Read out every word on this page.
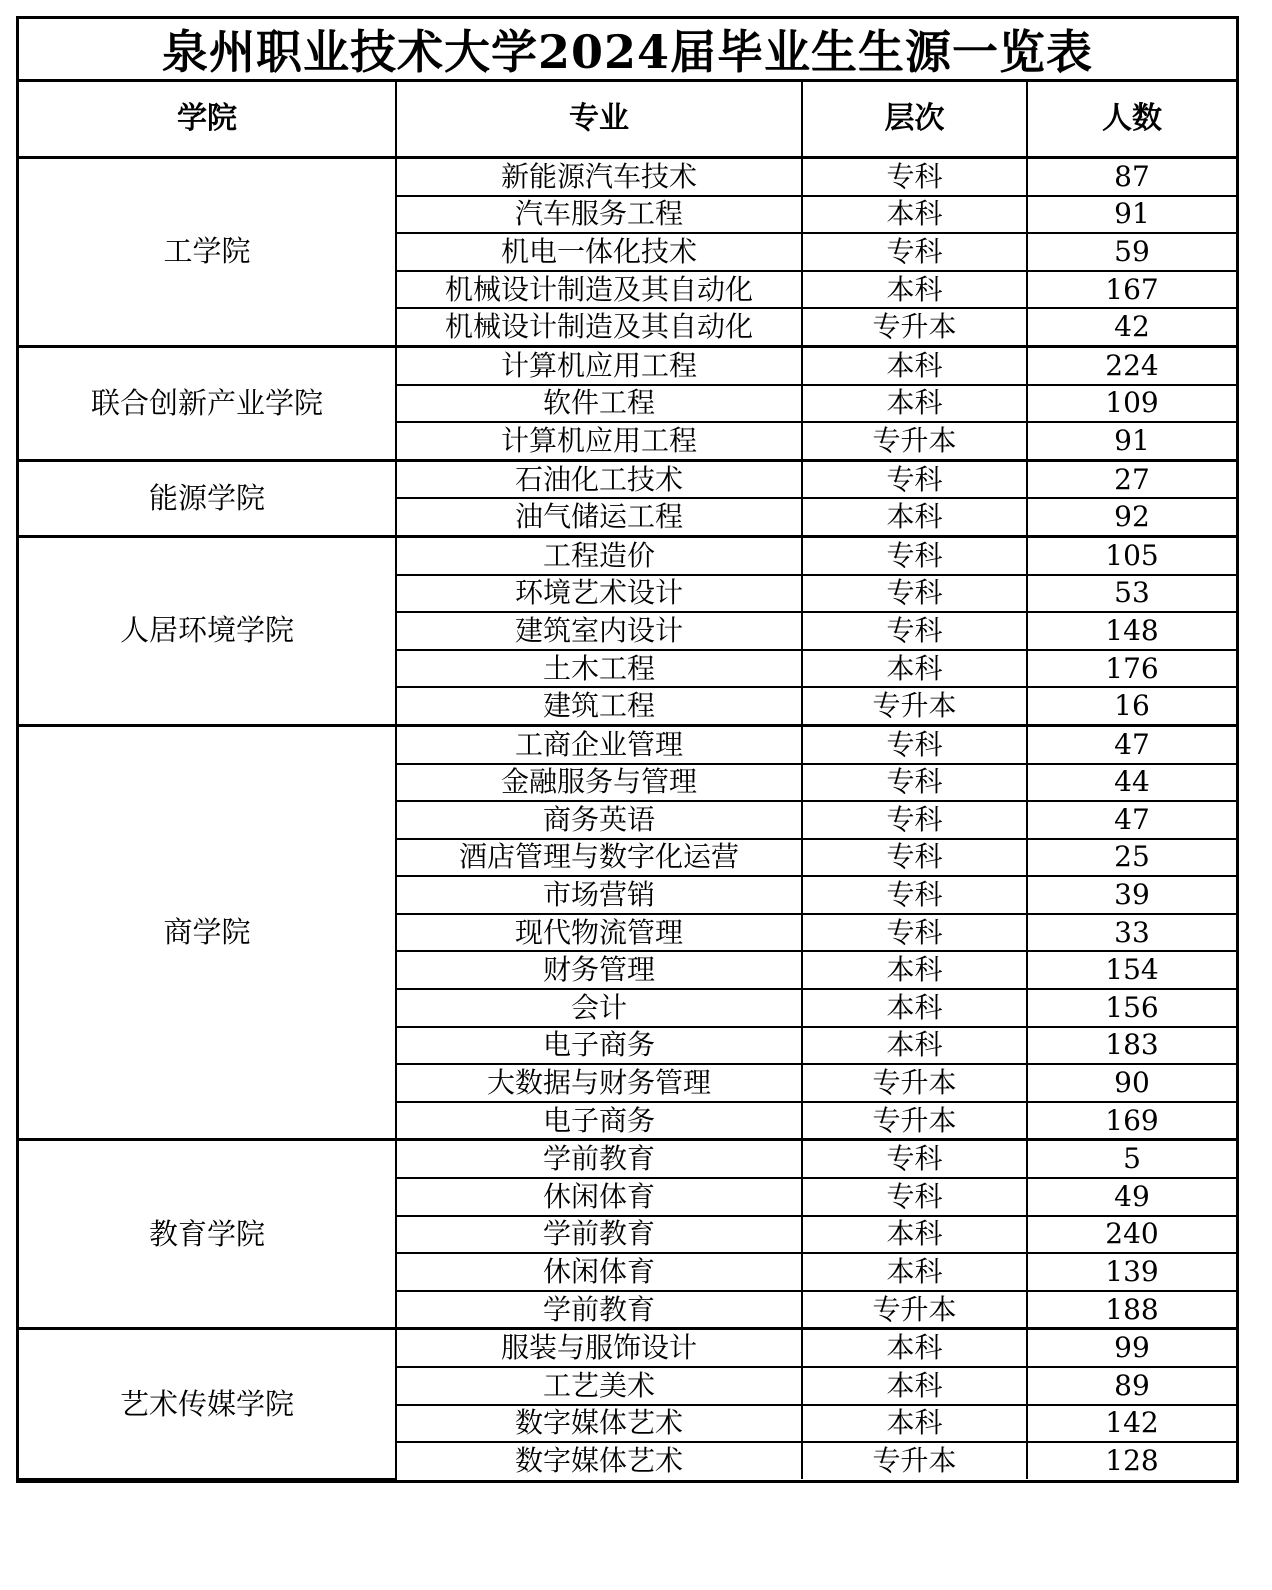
泉州职业技术大学2024届毕业生生源一览表
学院	专业	层次	人数
工学院	新能源汽车技术	专科	87
	汽车服务工程	本科	91
	机电一体化技术	专科	59
	机械设计制造及其自动化	本科	167
	机械设计制造及其自动化	专升本	42
联合创新产业学院	计算机应用工程	本科	224
	软件工程	本科	109
	计算机应用工程	专升本	91
能源学院	石油化工技术	专科	27
	油气储运工程	本科	92
人居环境学院	工程造价	专科	105
	环境艺术设计	专科	53
	建筑室内设计	专科	148
	土木工程	本科	176
	建筑工程	专升本	16
商学院	工商企业管理	专科	47
	金融服务与管理	专科	44
	商务英语	专科	47
	酒店管理与数字化运营	专科	25
	市场营销	专科	39
	现代物流管理	专科	33
	财务管理	本科	154
	会计	本科	156
	电子商务	本科	183
	大数据与财务管理	专升本	90
	电子商务	专升本	169
教育学院	学前教育	专科	5
	休闲体育	专科	49
	学前教育	本科	240
	休闲体育	本科	139
	学前教育	专升本	188
艺术传媒学院	服装与服饰设计	本科	99
	工艺美术	本科	89
	数字媒体艺术	本科	142
	数字媒体艺术	专升本	128
